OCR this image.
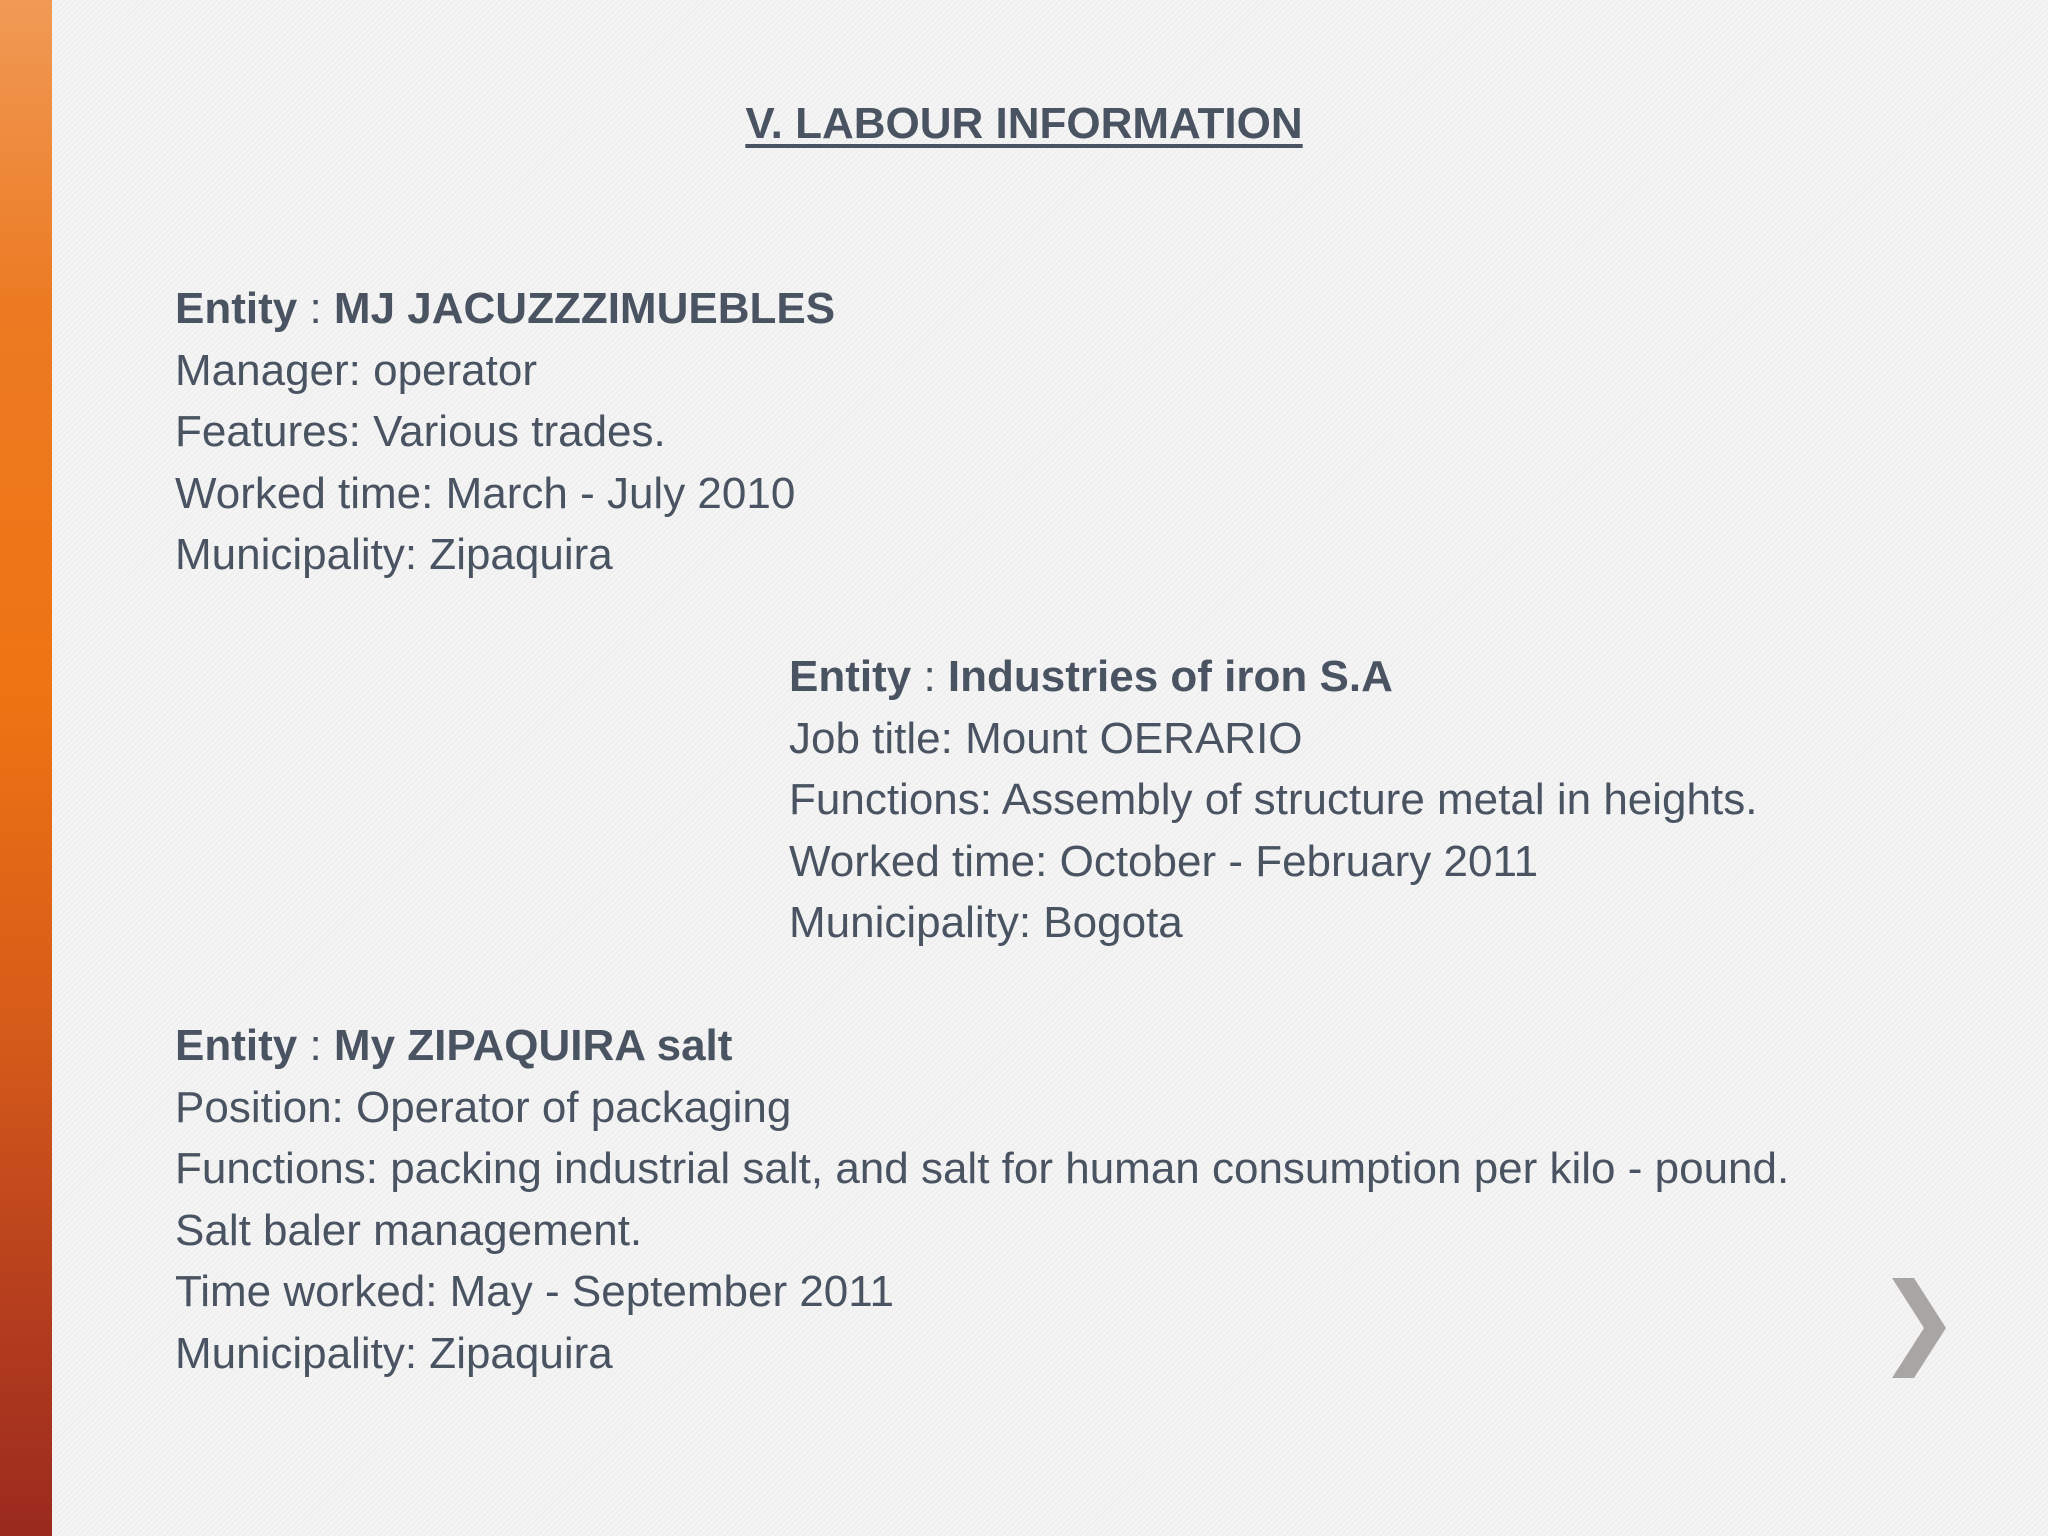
V. LABOUR INFORMATION
Entity : MJ JACUZZZIMUEBLES
Manager: operator
Features: Various trades.
Worked time: March - July 2010
Municipality: Zipaquira
Entity : Industries of iron S.A
Job title: Mount OERARIO
Functions: Assembly of structure metal in heights.
Worked time: October - February 2011
Municipality: Bogota
Entity : My ZIPAQUIRA salt
Position: Operator of packaging
Functions: packing industrial salt, and salt for human consumption per kilo - pound.
Salt baler management.
Time worked: May - September 2011
Municipality: Zipaquira
